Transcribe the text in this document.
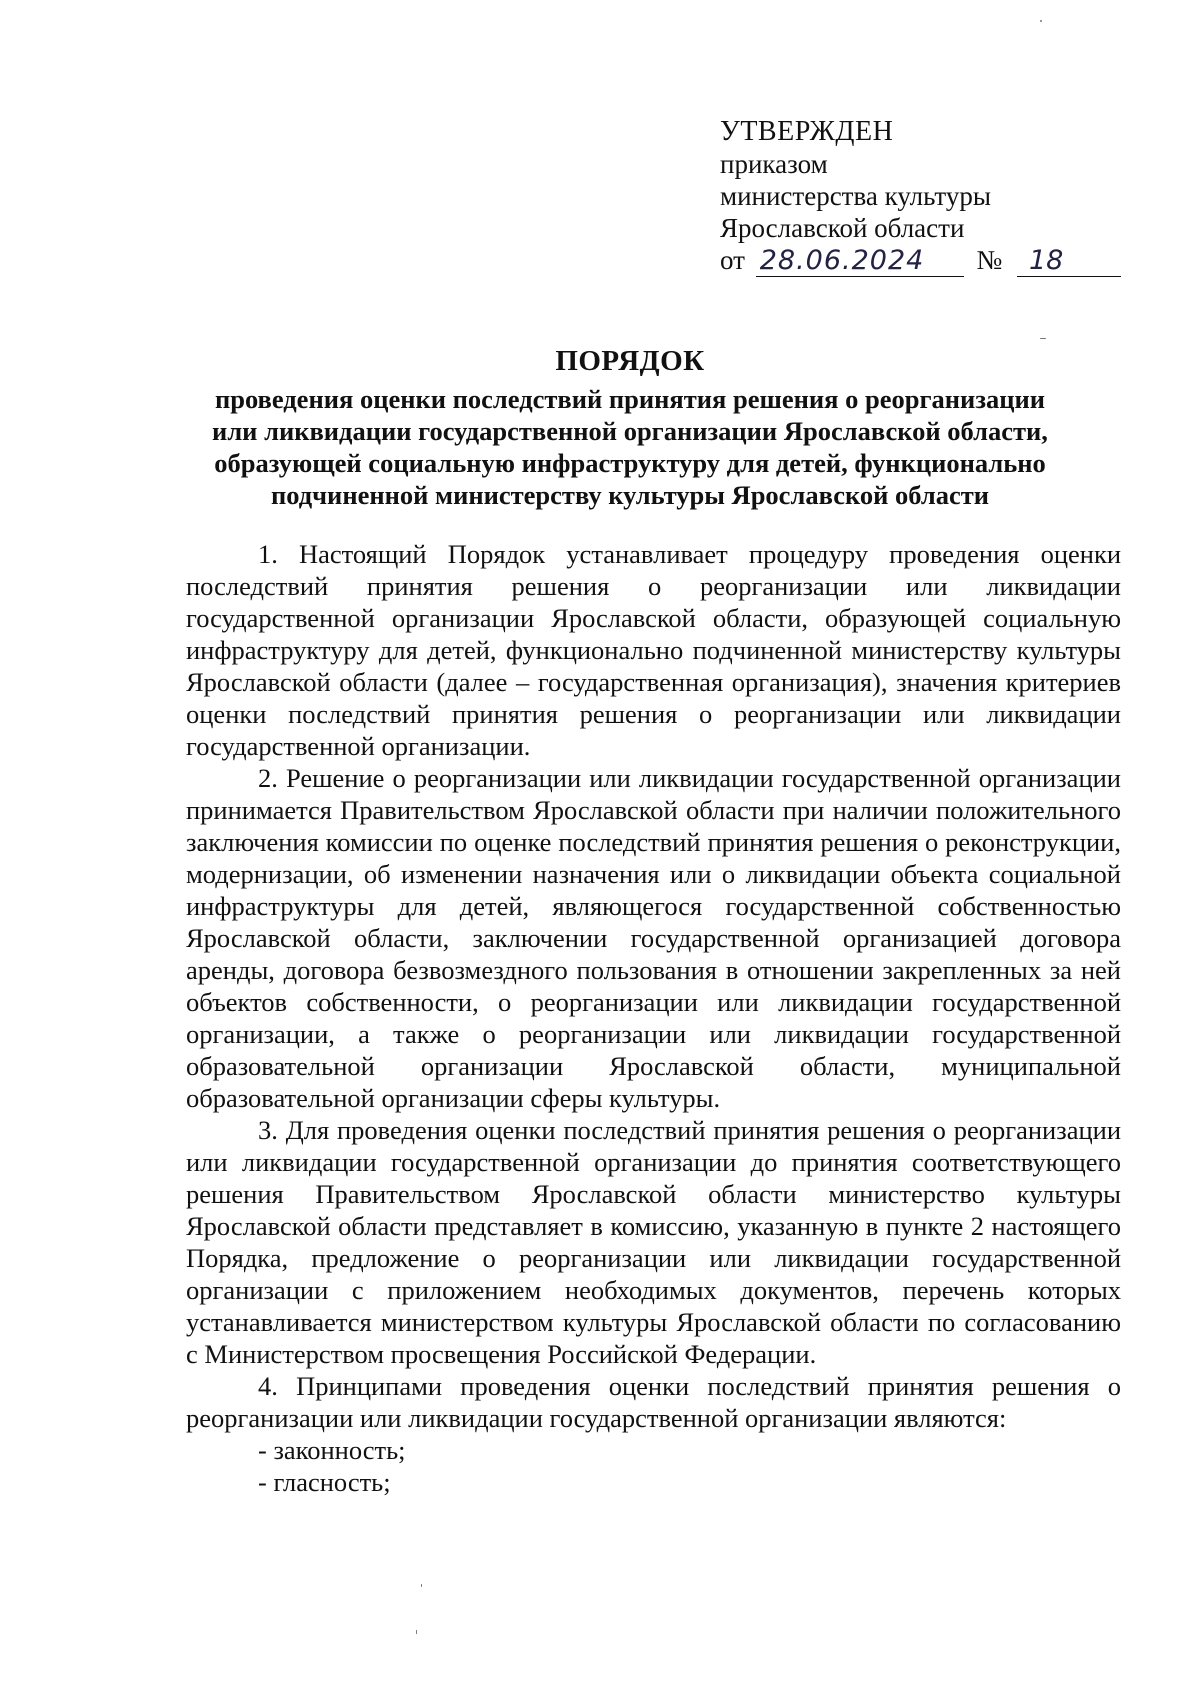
УТВЕРЖДЕН
приказом
министерства культуры
Ярославской области
от 28.06.2024 № 18
ПОРЯДОК
проведения оценки последствий принятия решения о реорганизации
или ликвидации государственной организации Ярославской области,
образующей социальную инфраструктуру для детей, функционально
подчиненной министерству культуры Ярославской области

1. Настоящий Порядок устанавливает процедуру проведения оценки последствий принятия решения о реорганизации или ликвидации государственной организации Ярославской области, образующей социальную инфраструктуру для детей, функционально подчиненной министерству культуры Ярославской области (далее – государственная организация), значения критериев оценки последствий принятия решения о реорганизации или ликвидации государственной организации.

2. Решение о реорганизации или ликвидации государственной организации принимается Правительством Ярославской области при наличии положительного заключения комиссии по оценке последствий принятия решения о реконструкции, модернизации, об изменении назначения или о ликвидации объекта социальной инфраструктуры для детей, являющегося государственной собственностью Ярославской области, заключении государственной организацией договора аренды, договора безвозмездного пользования в отношении закрепленных за ней объектов собственности, о реорганизации или ликвидации государственной организации, а также о реорганизации или ликвидации государственной образовательной организации Ярославской области, муниципальной образовательной организации сферы культуры.

3. Для проведения оценки последствий принятия решения о реорганизации или ликвидации государственной организации до принятия соответствующего решения Правительством Ярославской области министерство культуры Ярославской области представляет в комиссию, указанную в пункте 2 настоящего Порядка, предложение о реорганизации или ликвидации государственной организации с приложением необходимых документов, перечень которых устанавливается министерством культуры Ярославской области по согласованию с Министерством просвещения Российской Федерации.

4. Принципами проведения оценки последствий принятия решения о реорганизации или ликвидации государственной организации являются:

- законность;

- гласность;
